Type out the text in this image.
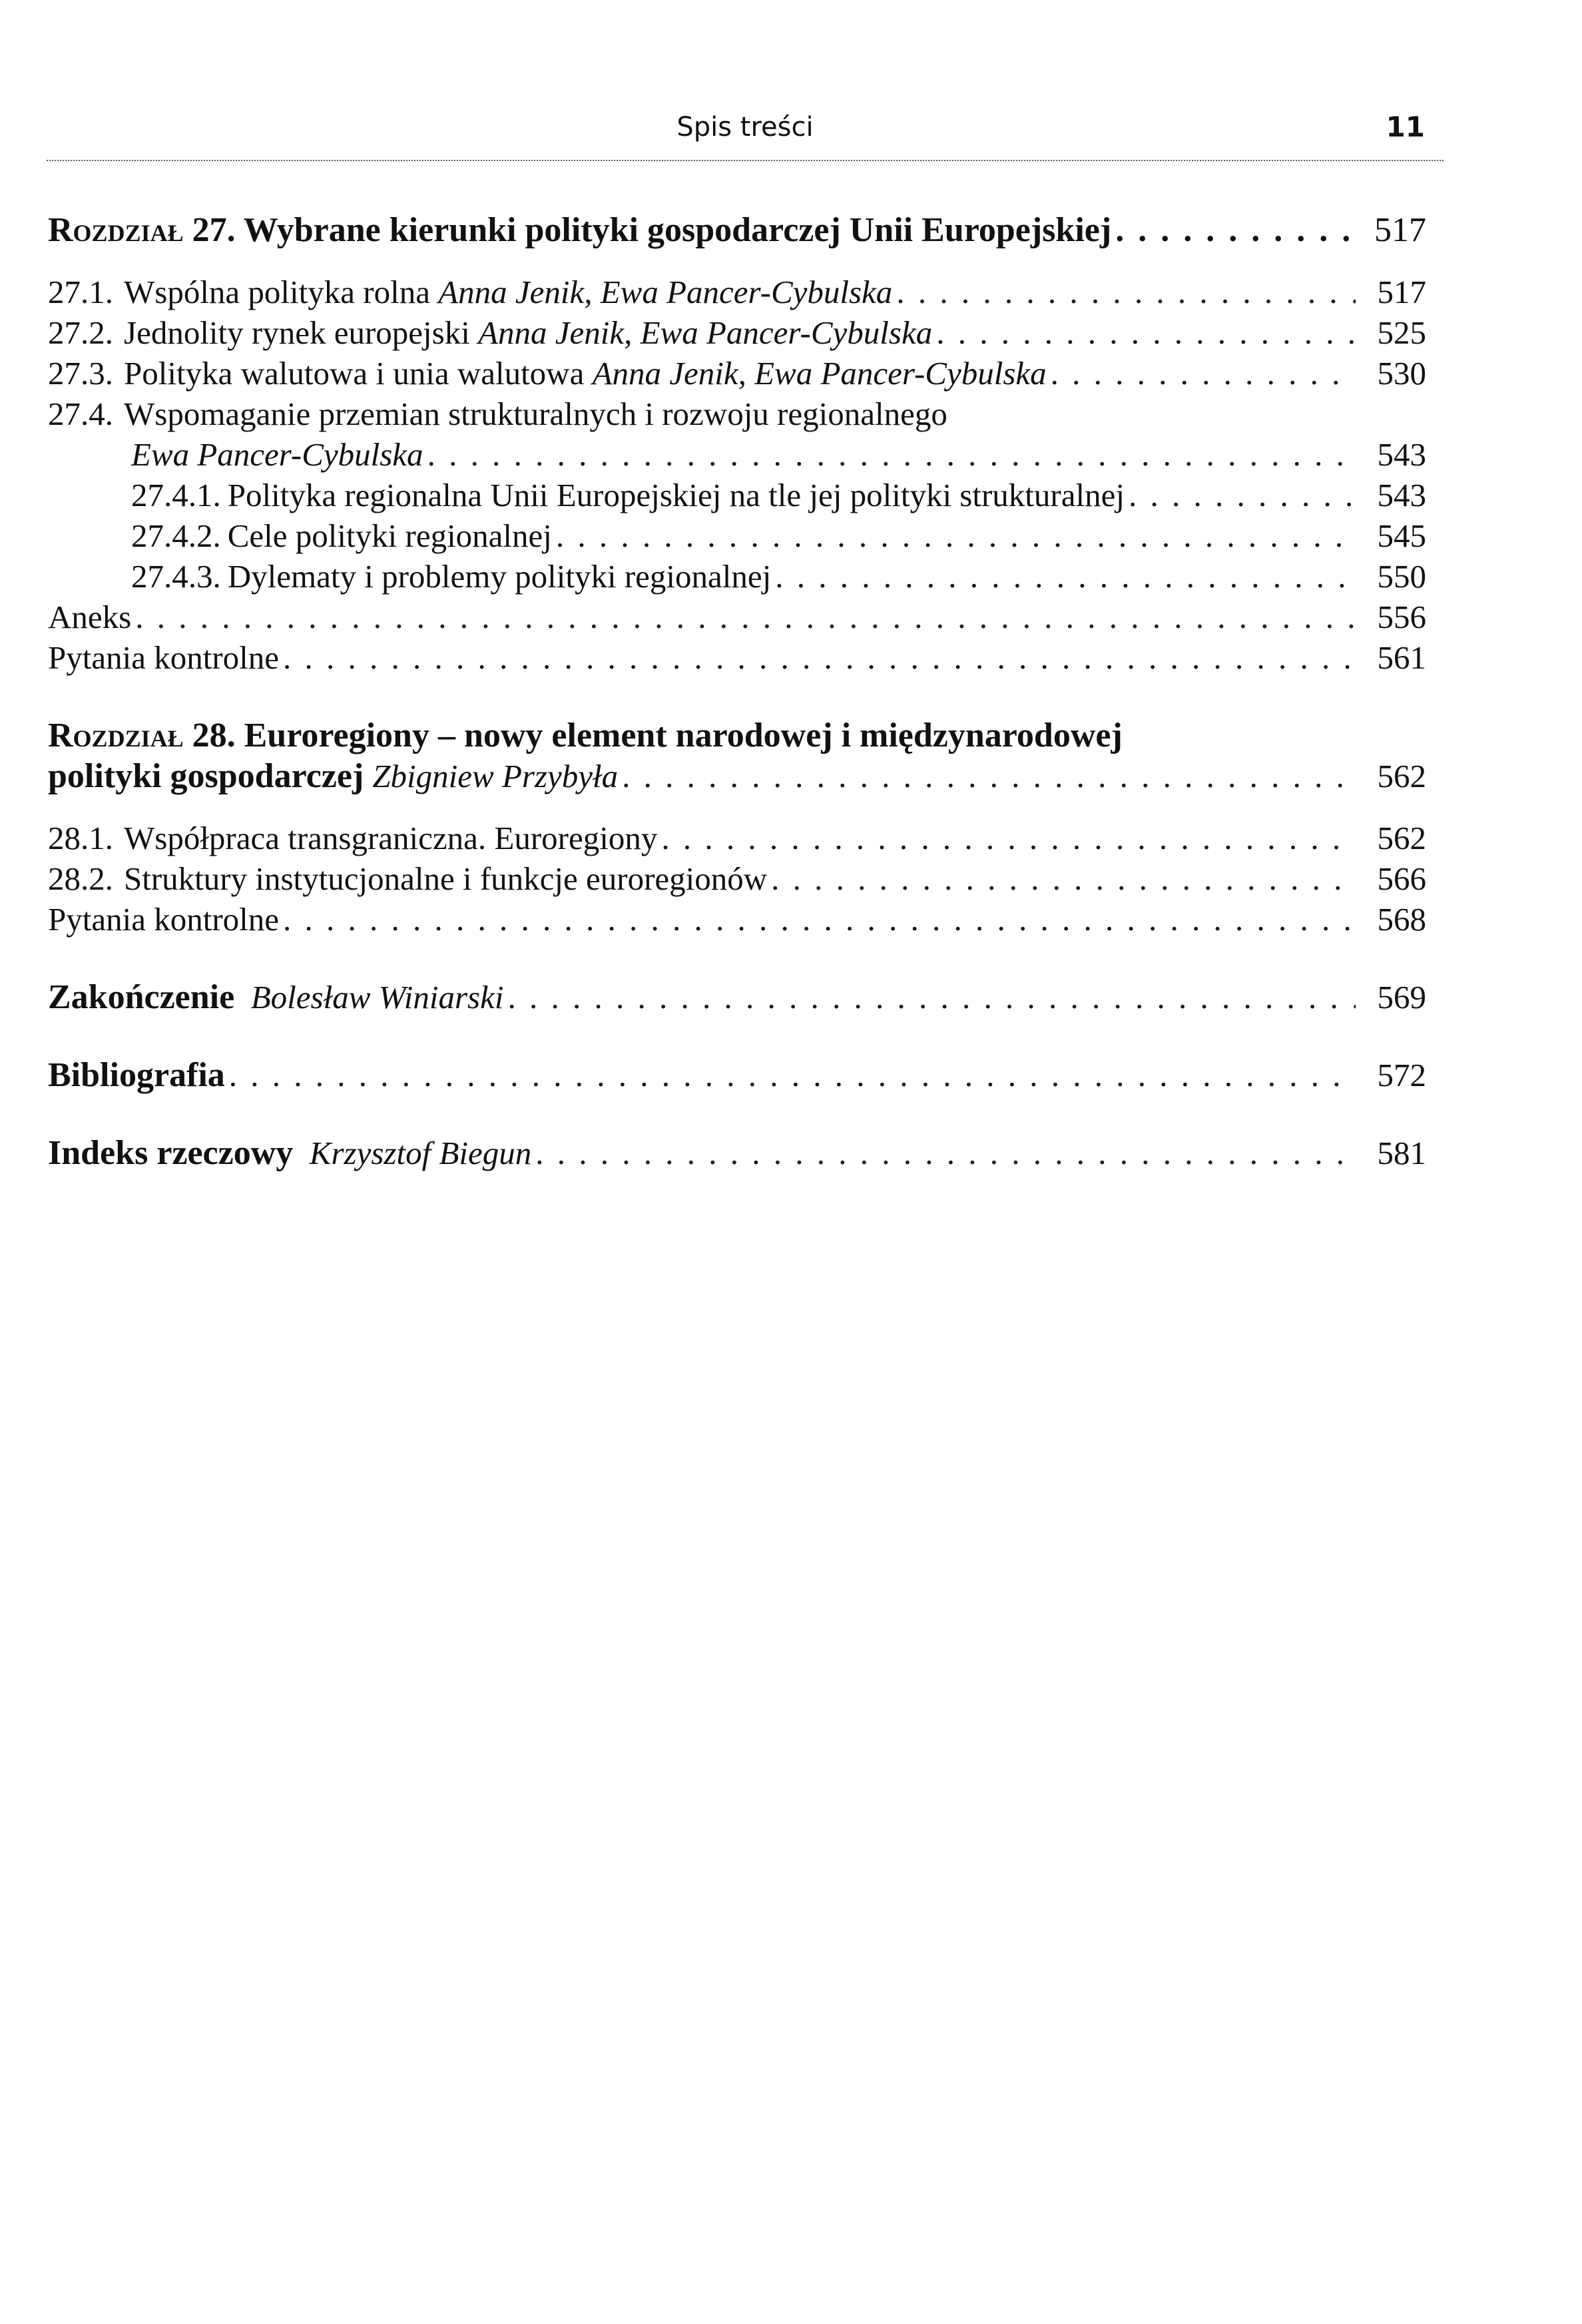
Spis treści	11
Rozdział 27. Wybrane kierunki polityki gospodarczej Unii Europejskiej . . .	517
27.1. Wspólna polityka rolna Anna Jenik, Ewa Pancer-Cybulska . . .	517
27.2. Jednolity rynek europejski Anna Jenik, Ewa Pancer-Cybulska . . .	525
27.3. Polityka walutowa i unia walutowa Anna Jenik, Ewa Pancer-Cybulska . . .	530
27.4. Wspomaganie przemian strukturalnych i rozwoju regionalnego
Ewa Pancer-Cybulska . . .	543
27.4.1. Polityka regionalna Unii Europejskiej na tle jej polityki strukturalnej . . .	543
27.4.2. Cele polityki regionalnej . . .	545
27.4.3. Dylematy i problemy polityki regionalnej . . .	550
Aneks . . .	556
Pytania kontrolne . . .	561
Rozdział 28. Euroregiony – nowy element narodowej i międzynarodowej
polityki gospodarczej Zbigniew Przybyła . . .	562
28.1. Współpraca transgraniczna. Euroregiony . . .	562
28.2. Struktury instytucjonalne i funkcje euroregionów . . .	566
Pytania kontrolne . . .	568
Zakończenie Bolesław Winiarski . . .	569
Bibliografia . . .	572
Indeks rzeczowy Krzysztof Biegun . . .	581
